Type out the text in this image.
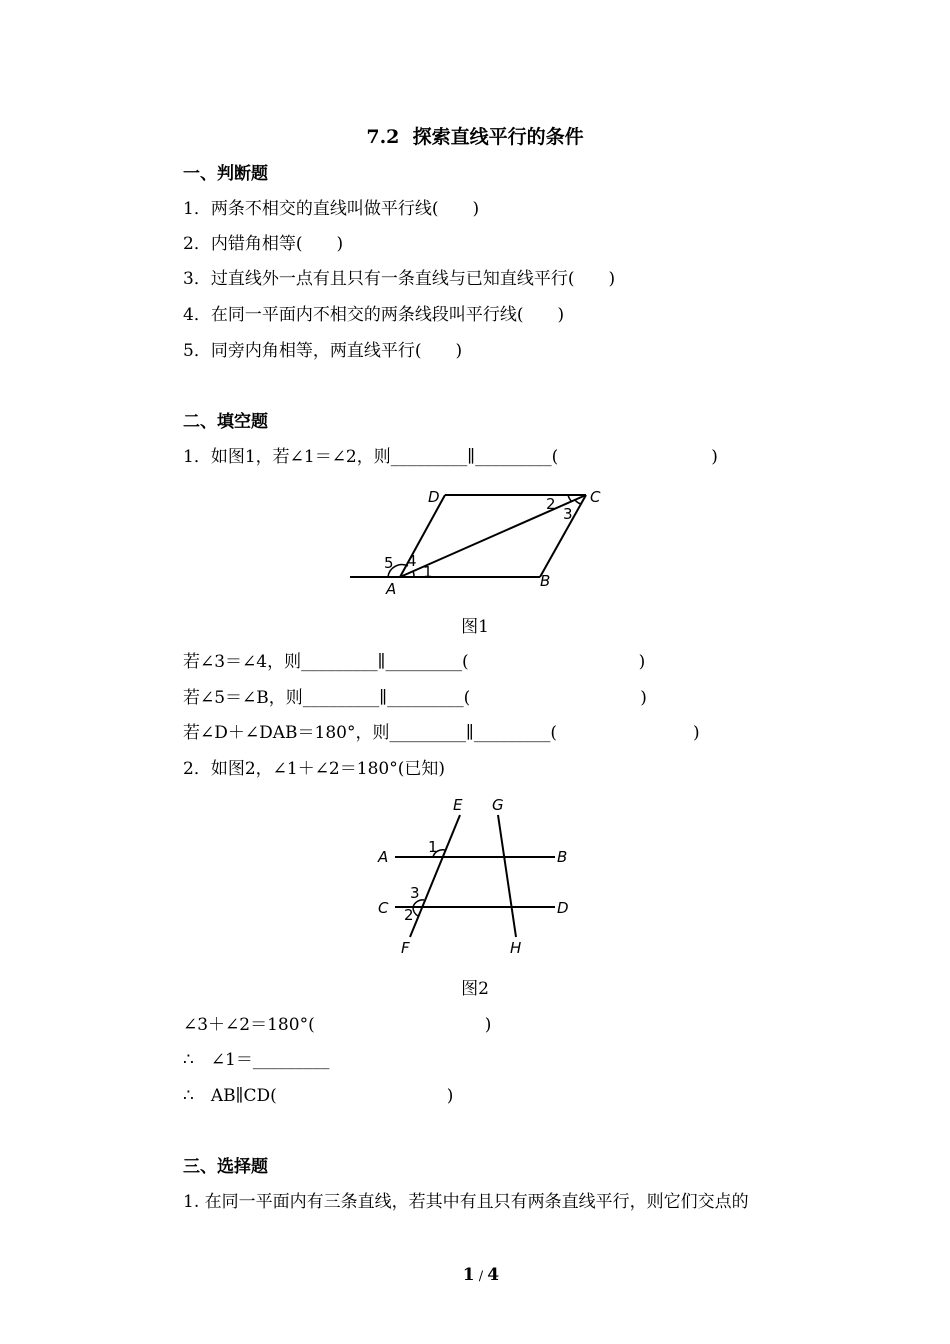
7.2  探索直线平行的条件
一、判断题
1．两条不相交的直线叫做平行线(　　)
2．内错角相等(　　)
3．过直线外一点有且只有一条直线与已知直线平行(　　)
4．在同一平面内不相交的两条线段叫平行线(　　)
5．同旁内角相等，两直线平行(　　)
二、填空题
1．如图1，若∠1＝∠2，则_________∥_________(　　　　　　　　　)
D	C
A	B
1
2
3
4
5
图1
若∠3＝∠4，则_________∥_________(　　　　　　　　　　)
若∠5＝∠B，则_________∥_________(　　　　　　　　　　)
若∠D＋∠DAB＝180°，则_________∥_________(　　　　　　　　)
2．如图2，∠1＋∠2＝180°(已知)
E G
A	B
C	D
F	H
1
2
3
图2
∠3＋∠2＝180°(　　　　　　　　　　)
∴　∠1＝_________
∴　AB∥CD(　　　　　　　　　　)
三、选择题
1. 在同一平面内有三条直线，若其中有且只有两条直线平行，则它们交点的

1 / 4
